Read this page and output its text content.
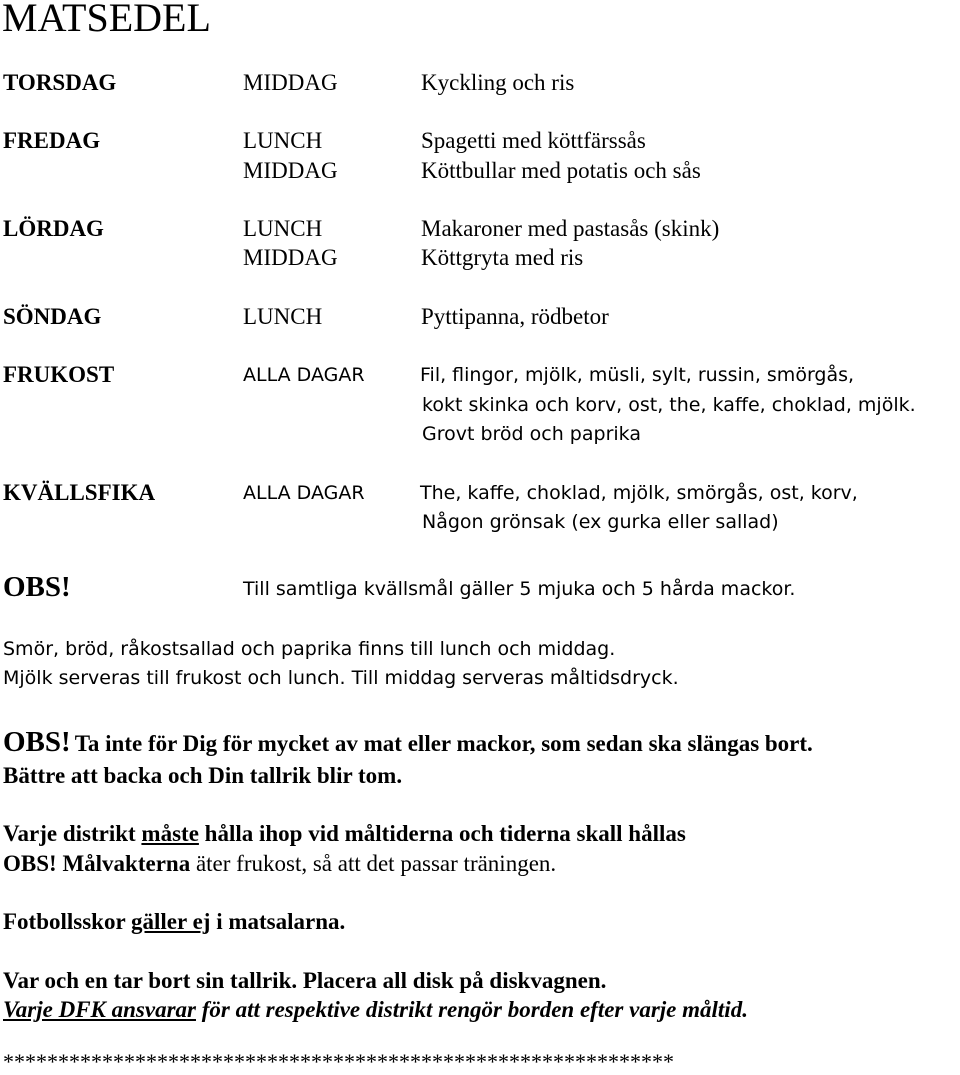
MATSEDEL
TORSDAG	MIDDAG	Kyckling och ris
FREDAG	LUNCH	Spagetti med köttfärssås
MIDDAG	Köttbullar med potatis och sås
LÖRDAG	LUNCH	Makaroner med pastasås (skink)
MIDDAG	Köttgryta med ris
SÖNDAG	LUNCH	Pyttipanna, rödbetor
FRUKOST	ALLA DAGAR	Fil, flingor, mjölk, müsli, sylt, russin, smörgås,
kokt skinka och korv, ost, the, kaffe, choklad, mjölk.
Grovt bröd och paprika
KVÄLLSFIKA	ALLA DAGAR	The, kaffe, choklad, mjölk, smörgås, ost, korv,
Någon grönsak (ex gurka eller sallad)
OBS!	Till samtliga kvällsmål gäller 5 mjuka och 5 hårda mackor.
Smör, bröd, råkostsallad och paprika finns till lunch och middag.
Mjölk serveras till frukost och lunch. Till middag serveras måltidsdryck.
OBS! Ta inte för Dig för mycket av mat eller mackor, som sedan ska slängas bort.
Bättre att backa och Din tallrik blir tom.
Varje distrikt måste hålla ihop vid måltiderna och tiderna skall hållas
OBS! Målvakterna äter frukost, så att det passar träningen.
Fotbollsskor gäller ej i matsalarna.
Var och en tar bort sin tallrik. Placera all disk på diskvagnen.
Varje DFK ansvarar för att respektive distrikt rengör borden efter varje måltid.
*************************************************************
